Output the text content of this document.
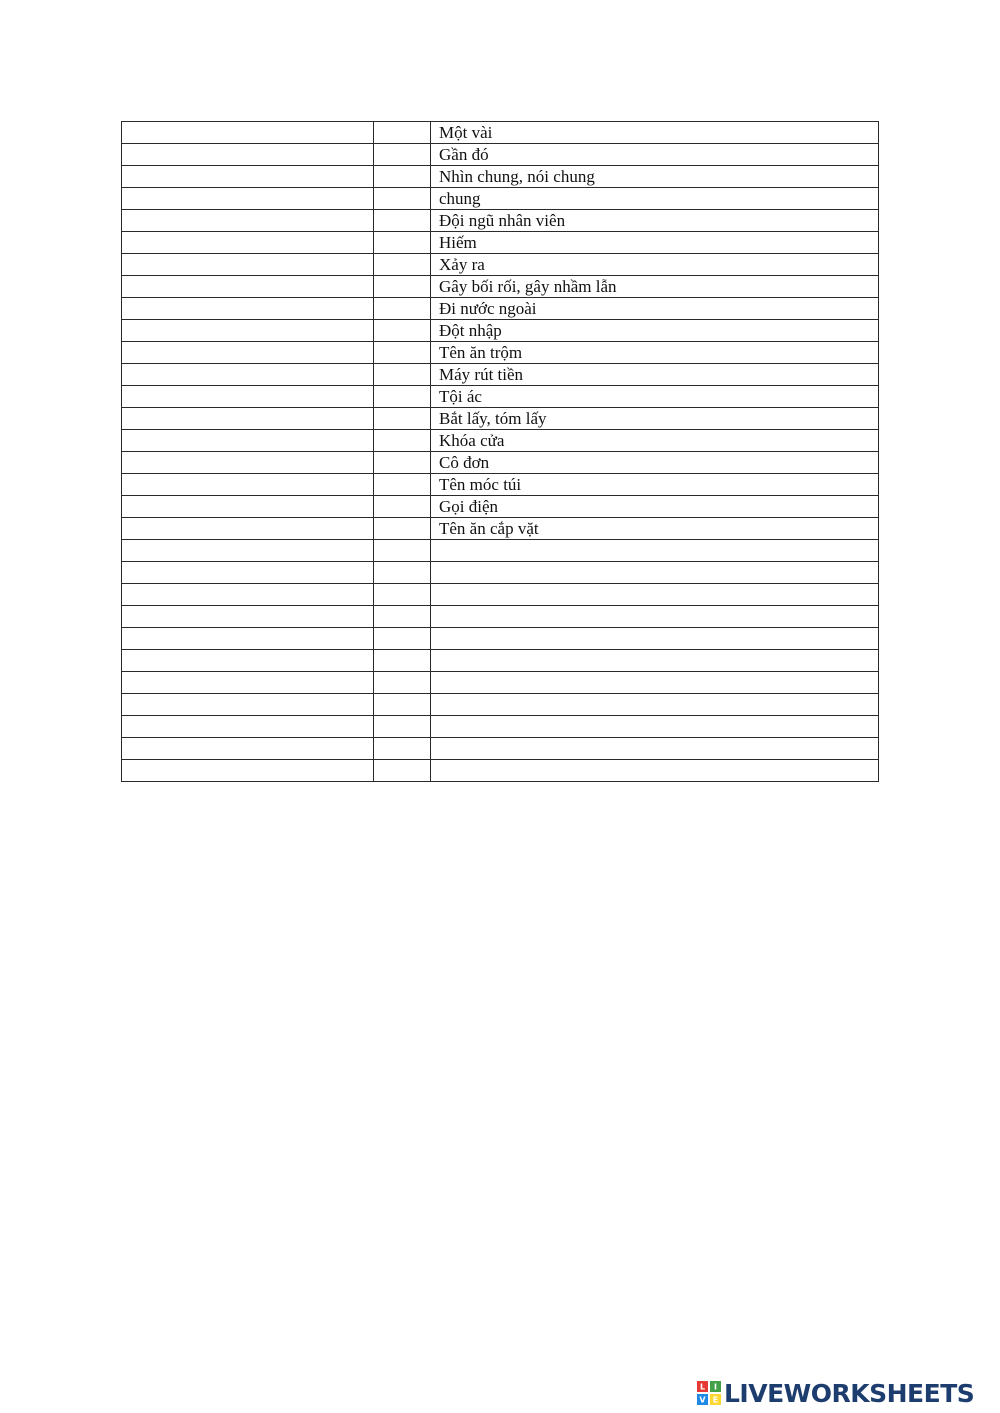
		Một vài
		Gần đó
		Nhìn chung, nói chung
		chung
		Đội ngũ nhân viên
		Hiếm
		Xảy ra
		Gây bối rối, gây nhầm lẫn
		Đi nước ngoài
		Đột nhập
		Tên ăn trộm
		Máy rút tiền
		Tội ác
		Bắt lấy, tóm lấy
		Khóa cửa
		Cô đơn
		Tên móc túi
		Gọi điện
		Tên ăn cắp vặt

L I
V E LIVEWORKSHEETS
